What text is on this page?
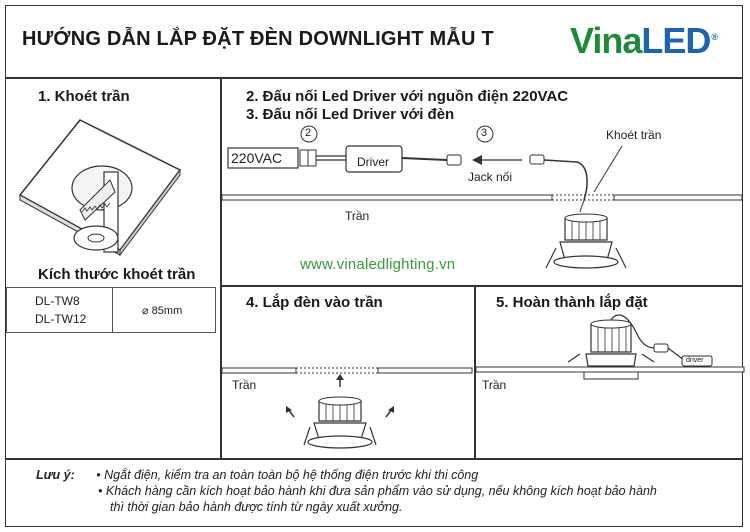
HƯỚNG DẪN LẮP ĐẶT ĐÈN DOWNLIGHT MẪU T VinaLED®
1. Khoét trần
Kích thước khoét trần
DL-TW8
DL-TW12
⌀ 85mm
2. Đấu nối Led Driver với nguồn điện 220VAC
3. Đấu nối Led Driver với đèn
2	3
220VAC	Driver
Jack nối
Khoét trần
Trần
www.vinaledlighting.vn
4. Lắp đèn vào trần
Trần
5. Hoàn thành lắp đặt
driver
Trần
Lưu ý: • Ngắt điện, kiểm tra an toàn toàn bộ hệ thống điện trước khi thi công
• Khách hàng cần kích hoạt bảo hành khi đưa sản phẩm vào sử dụng, nếu không kích hoạt bảo hành
thì thời gian bảo hành được tính từ ngày xuất xưởng.
